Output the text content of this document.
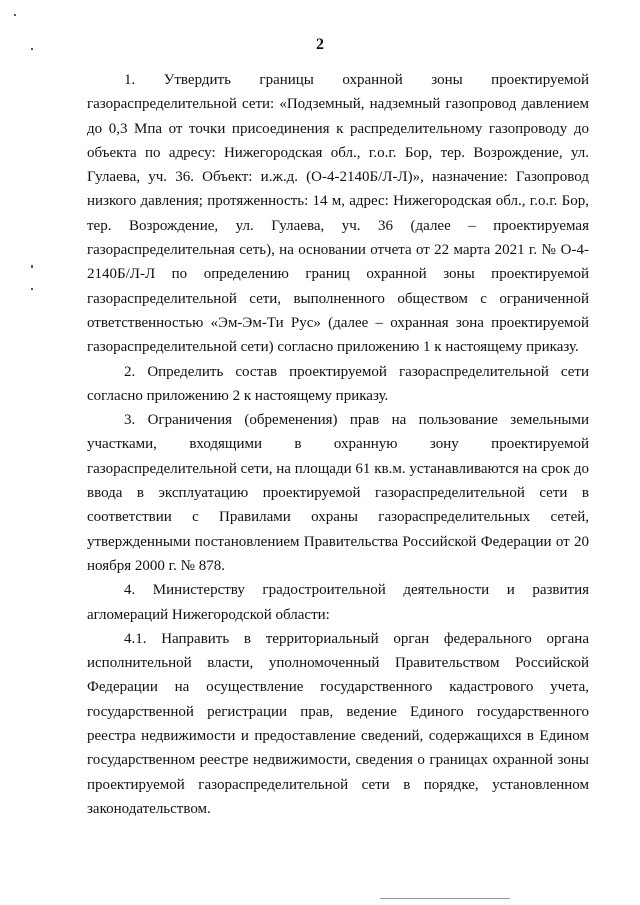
2

1. Утвердить границы охранной зоны проектируемой газораспределительной сети: «Подземный, надземный газопровод давлением до 0,3 Мпа от точки присоединения к распределительному газопроводу до объекта по адресу: Нижегородская обл., г.о.г. Бор, тер. Возрождение, ул. Гулаева, уч. 36. Объект: и.ж.д. (О-4-2140Б/Л-Л)», назначение: Газопровод низкого давления; протяженность: 14 м, адрес: Нижегородская обл., г.о.г. Бор, тер. Возрождение, ул. Гулаева, уч. 36 (далее – проектируемая газораспределительная сеть), на основании отчета от 22 марта 2021 г. № О-4-2140Б/Л-Л по определению границ охранной зоны проектируемой газораспределительной сети, выполненного обществом с ограниченной ответственностью «Эм-Эм-Ти Рус» (далее – охранная зона проектируемой газораспределительной сети) согласно приложению 1 к настоящему приказу.

2. Определить состав проектируемой газораспределительной сети согласно приложению 2 к настоящему приказу.

3. Ограничения (обременения) прав на пользование земельными участками, входящими в охранную зону проектируемой газораспределительной сети, на площади 61 кв.м. устанавливаются на срок до ввода в эксплуатацию проектируемой газораспределительной сети в соответствии с Правилами охраны газораспределительных сетей, утвержденными постановлением Правительства Российской Федерации от 20 ноября 2000 г. № 878.

4. Министерству градостроительной деятельности и развития агломераций Нижегородской области:

4.1. Направить в территориальный орган федерального органа исполнительной власти, уполномоченный Правительством Российской Федерации на осуществление государственного кадастрового учета, государственной регистрации прав, ведение Единого государственного реестра недвижимости и предоставление сведений, содержащихся в Едином государственном реестре недвижимости, сведения о границах охранной зоны проектируемой газораспределительной сети в порядке, установленном законодательством.
